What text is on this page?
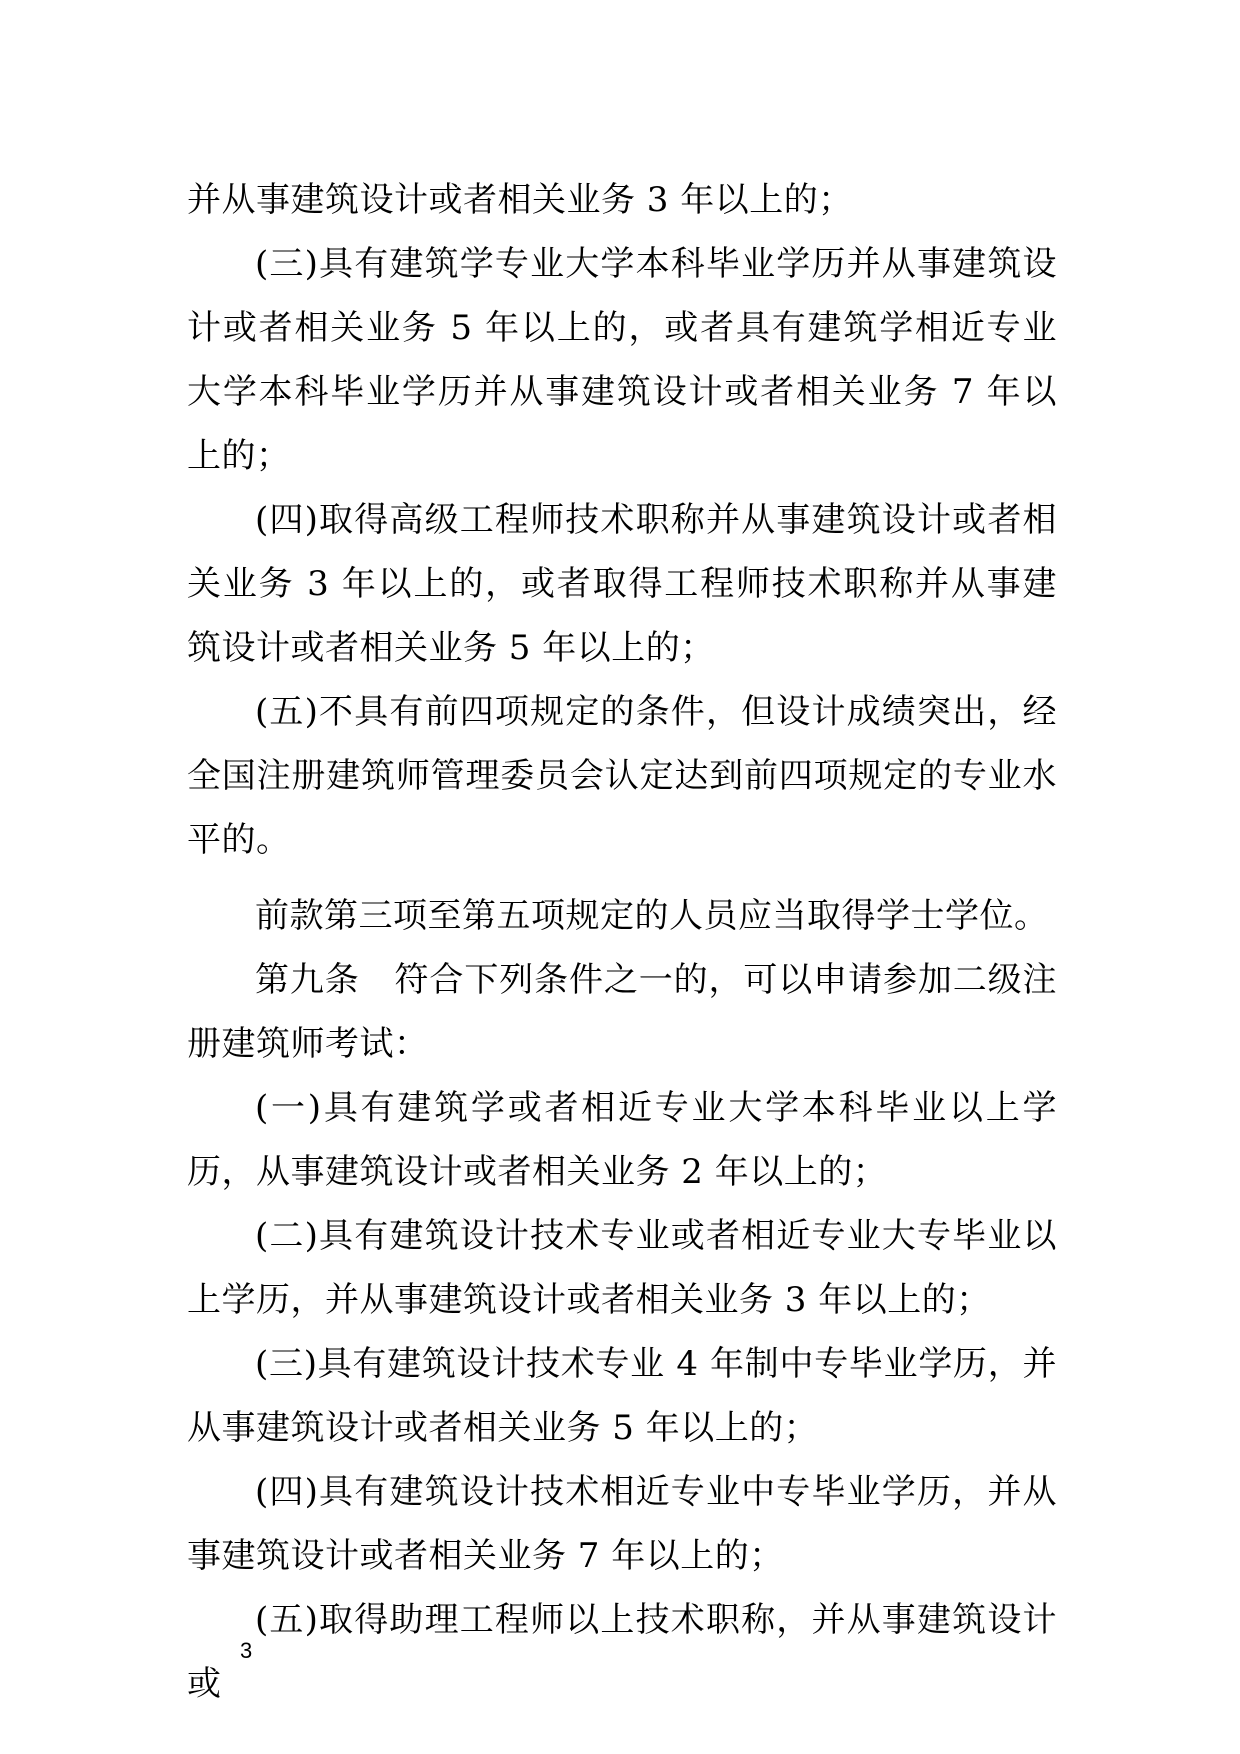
并从事建筑设计或者相关业务 3 年以上的；

(三)具有建筑学专业大学本科毕业学历并从事建筑设计或者相关业务 5 年以上的，或者具有建筑学相近专业大学本科毕业学历并从事建筑设计或者相关业务 7 年以上的；

(四)取得高级工程师技术职称并从事建筑设计或者相关业务 3 年以上的，或者取得工程师技术职称并从事建筑设计或者相关业务 5 年以上的；

(五)不具有前四项规定的条件，但设计成绩突出，经全国注册建筑师管理委员会认定达到前四项规定的专业水平的。

前款第三项至第五项规定的人员应当取得学士学位。

第九条　符合下列条件之一的，可以申请参加二级注册建筑师考试：

(一)具有建筑学或者相近专业大学本科毕业以上学历，从事建筑设计或者相关业务 2 年以上的；

(二)具有建筑设计技术专业或者相近专业大专毕业以上学历，并从事建筑设计或者相关业务 3 年以上的；

(三)具有建筑设计技术专业 4 年制中专毕业学历，并从事建筑设计或者相关业务 5 年以上的；

(四)具有建筑设计技术相近专业中专毕业学历，并从事建筑设计或者相关业务 7 年以上的；

(五)取得助理工程师以上技术职称，并从事建筑设计或

3
